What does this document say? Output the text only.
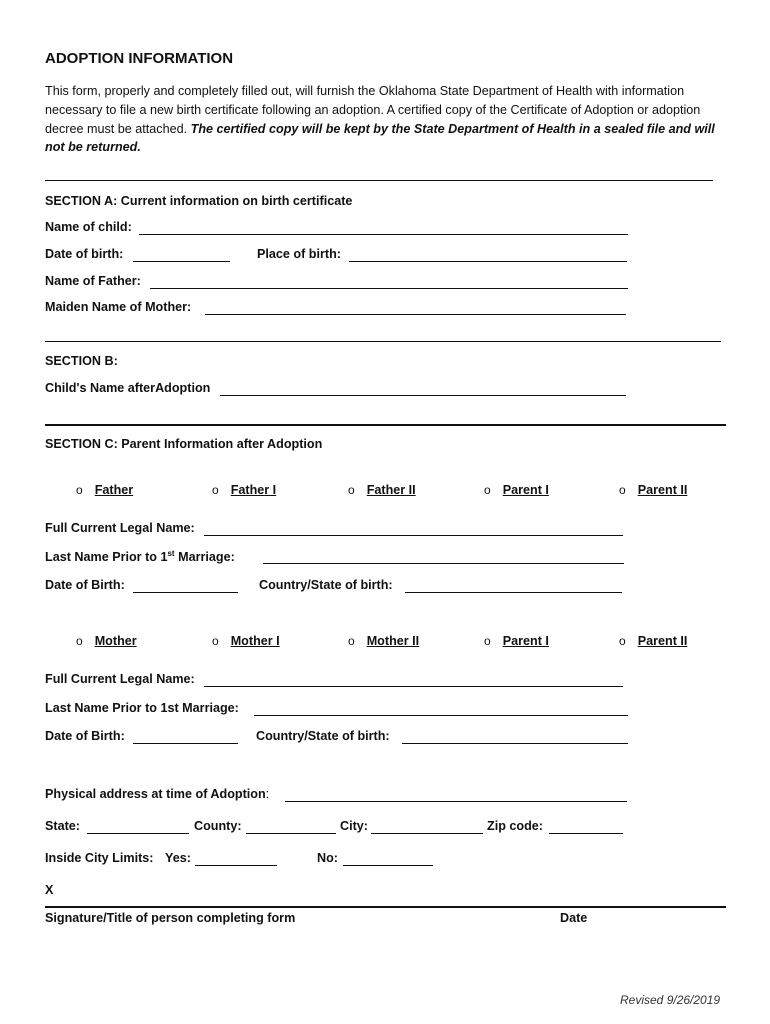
ADOPTION INFORMATION
This form, properly and completely filled out, will furnish the Oklahoma State Department of Health with information necessary to file a new birth certificate following an adoption. A certified copy of the Certificate of Adoption or adoption decree must be attached. The certified copy will be kept by the State Department of Health in a sealed file and will not be returned.
SECTION A: Current information on birth certificate
Name of child:
Date of birth:	Place of birth:
Name of Father:
Maiden Name of Mother:
SECTION B:
Child's Name afterAdoption
SECTION C: Parent Information after Adoption
o Father	o Father I	o Father II	o Parent I	o Parent II
Full Current Legal Name:
Last Name Prior to 1st Marriage:
Date of Birth:	Country/State of birth:
o Mother	o Mother I	o Mother II	o Parent I	o Parent II
Full Current Legal Name:
Last Name Prior to 1st Marriage:
Date of Birth:	Country/State of birth:
Physical address at time of Adoption:
State:	County:	City:	Zip code:
Inside City Limits: Yes:	No:
X
Signature/Title of person completing form	Date
Revised 9/26/2019
